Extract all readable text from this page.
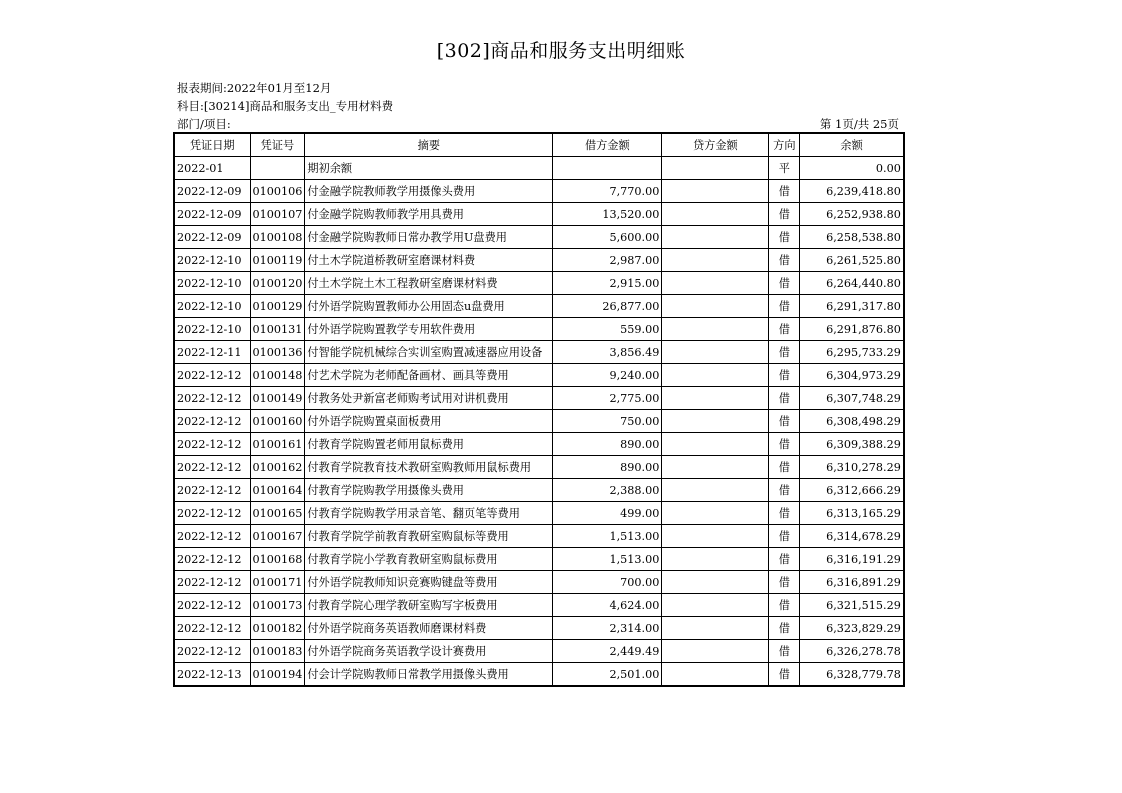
[302]商品和服务支出明细账
报表期间:2022年01月至12月
科目:[30214]商品和服务支出_专用材料费
部门/项目:	第 1页/共 25页
凭证日期	凭证号	摘要	借方金额	贷方金额	方向	余额
2022-01		期初余额			平	0.00
2022-12-09	0100106	付金融学院教师教学用摄像头费用	7,770.00		借	6,239,418.80
2022-12-09	0100107	付金融学院购教师教学用具费用	13,520.00		借	6,252,938.80
2022-12-09	0100108	付金融学院购教师日常办教学用U盘费用	5,600.00		借	6,258,538.80
2022-12-10	0100119	付土木学院道桥教研室磨课材料费	2,987.00		借	6,261,525.80
2022-12-10	0100120	付土木学院土木工程教研室磨课材料费	2,915.00		借	6,264,440.80
2022-12-10	0100129	付外语学院购置教师办公用固态u盘费用	26,877.00		借	6,291,317.80
2022-12-10	0100131	付外语学院购置教学专用软件费用	559.00		借	6,291,876.80
2022-12-11	0100136	付智能学院机械综合实训室购置减速器应用设备	3,856.49		借	6,295,733.29
2022-12-12	0100148	付艺术学院为老师配备画材、画具等费用	9,240.00		借	6,304,973.29
2022-12-12	0100149	付教务处尹新富老师购考试用对讲机费用	2,775.00		借	6,307,748.29
2022-12-12	0100160	付外语学院购置桌面板费用	750.00		借	6,308,498.29
2022-12-12	0100161	付教育学院购置老师用鼠标费用	890.00		借	6,309,388.29
2022-12-12	0100162	付教育学院教育技术教研室购教师用鼠标费用	890.00		借	6,310,278.29
2022-12-12	0100164	付教育学院购教学用摄像头费用	2,388.00		借	6,312,666.29
2022-12-12	0100165	付教育学院购教学用录音笔、翻页笔等费用	499.00		借	6,313,165.29
2022-12-12	0100167	付教育学院学前教育教研室购鼠标等费用	1,513.00		借	6,314,678.29
2022-12-12	0100168	付教育学院小学教育教研室购鼠标费用	1,513.00		借	6,316,191.29
2022-12-12	0100171	付外语学院教师知识竞赛购键盘等费用	700.00		借	6,316,891.29
2022-12-12	0100173	付教育学院心理学教研室购写字板费用	4,624.00		借	6,321,515.29
2022-12-12	0100182	付外语学院商务英语教师磨课材料费	2,314.00		借	6,323,829.29
2022-12-12	0100183	付外语学院商务英语教学设计赛费用	2,449.49		借	6,326,278.78
2022-12-13	0100194	付会计学院购教师日常教学用摄像头费用	2,501.00		借	6,328,779.78
